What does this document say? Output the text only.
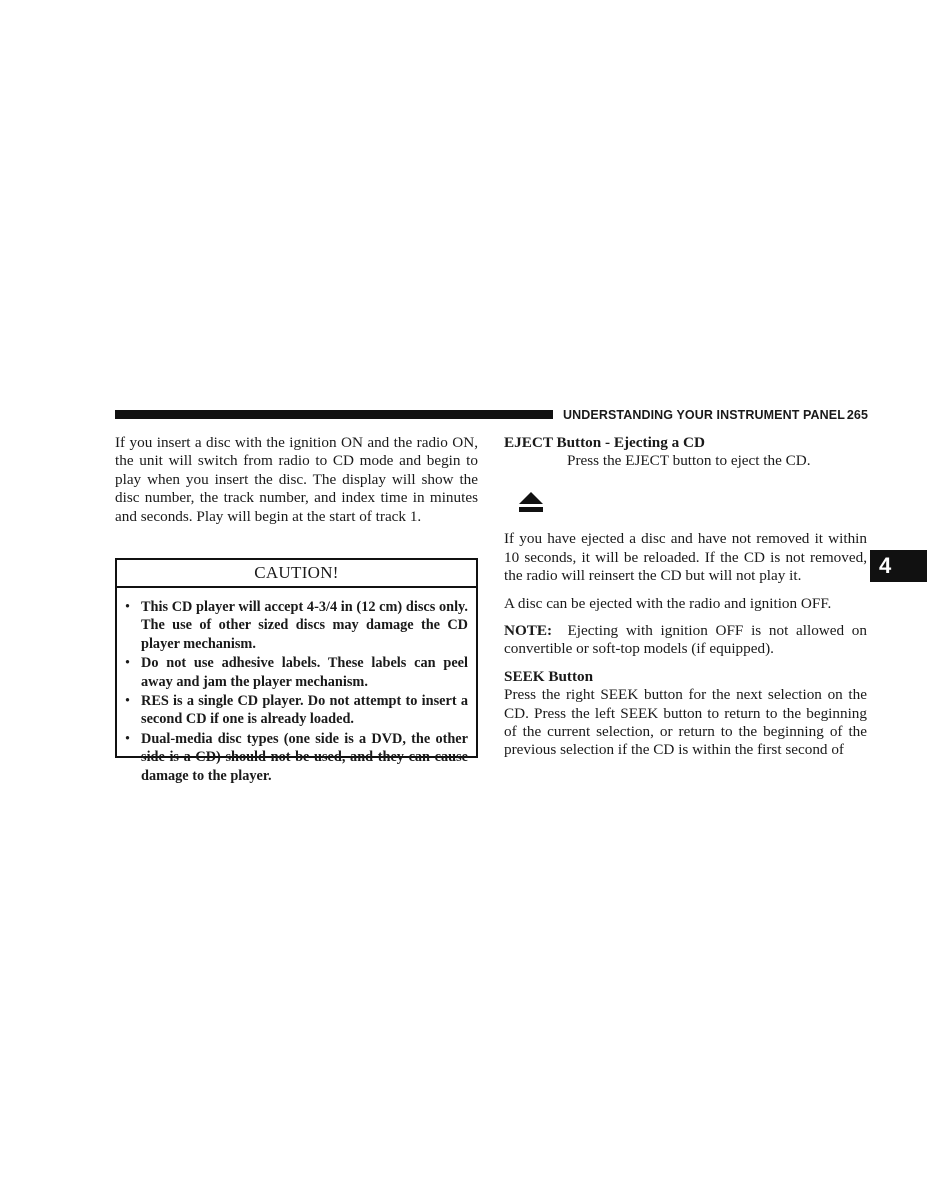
UNDERSTANDING YOUR INSTRUMENT PANEL 265

If you insert a disc with the ignition ON and the radio ON, the unit will switch from radio to CD mode and begin to play when you insert the disc. The display will show the disc number, the track number, and index time in minutes and seconds. Play will begin at the start of track 1.

CAUTION!
• This CD player will accept 4-3/4 in (12 cm) discs only. The use of other sized discs may damage the CD player mechanism.
• Do not use adhesive labels. These labels can peel away and jam the player mechanism.
• RES is a single CD player. Do not attempt to insert a second CD if one is already loaded.
• Dual-media disc types (one side is a DVD, the other side is a CD) should not be used, and they can cause damage to the player.
EJECT Button - Ejecting a CD

Press the EJECT button to eject the CD.

If you have ejected a disc and have not removed it within 10 seconds, it will be reloaded. If the CD is not removed, the radio will reinsert the CD but will not play it.

A disc can be ejected with the radio and ignition OFF.

NOTE: Ejecting with ignition OFF is not allowed on convertible or soft-top models (if equipped).

SEEK Button

Press the right SEEK button for the next selection on the CD. Press the left SEEK button to return to the beginning of the current selection, or return to the beginning of the previous selection if the CD is within the first second of

4
